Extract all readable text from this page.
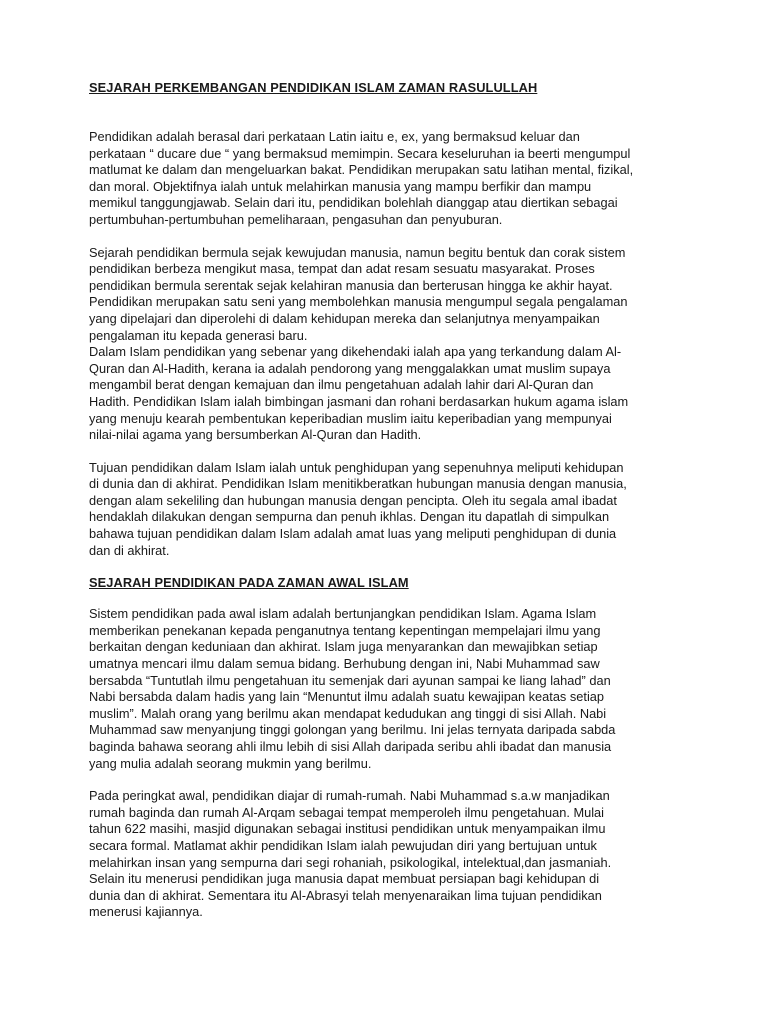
SEJARAH PERKEMBANGAN PENDIDIKAN ISLAM ZAMAN RASULULLAH

Pendidikan adalah berasal dari perkataan Latin iaitu e, ex, yang bermaksud keluar dan
perkataan “ ducare due “ yang bermaksud memimpin. Secara keseluruhan ia beerti mengumpul
matlumat ke dalam dan mengeluarkan bakat. Pendidikan merupakan satu latihan mental, fizikal,
dan moral. Objektifnya ialah untuk melahirkan manusia yang mampu berfikir dan mampu
memikul tanggungjawab. Selain dari itu, pendidikan bolehlah dianggap atau diertikan sebagai
pertumbuhan-pertumbuhan pemeliharaan, pengasuhan dan penyuburan.

Sejarah pendidikan bermula sejak kewujudan manusia, namun begitu bentuk dan corak sistem
pendidikan berbeza mengikut masa, tempat dan adat resam sesuatu masyarakat. Proses
pendidikan bermula serentak sejak kelahiran manusia dan berterusan hingga ke akhir hayat.
Pendidikan merupakan satu seni yang membolehkan manusia mengumpul segala pengalaman
yang dipelajari dan diperolehi di dalam kehidupan mereka dan selanjutnya menyampaikan
pengalaman itu kepada generasi baru.

Dalam Islam pendidikan yang sebenar yang dikehendaki ialah apa yang terkandung dalam Al-
Quran dan Al-Hadith, kerana ia adalah pendorong yang menggalakkan umat muslim supaya
mengambil berat dengan kemajuan dan ilmu pengetahuan adalah lahir dari Al-Quran dan
Hadith. Pendidikan Islam ialah bimbingan jasmani dan rohani berdasarkan hukum agama islam
yang menuju kearah pembentukan keperibadian muslim iaitu keperibadian yang mempunyai
nilai-nilai agama yang bersumberkan Al-Quran dan Hadith.

Tujuan pendidikan dalam Islam ialah untuk penghidupan yang sepenuhnya meliputi kehidupan
di dunia dan di akhirat. Pendidikan Islam menitikberatkan hubungan manusia dengan manusia,
dengan alam sekeliling dan hubungan manusia dengan pencipta. Oleh itu segala amal ibadat
hendaklah dilakukan dengan sempurna dan penuh ikhlas. Dengan itu dapatlah di simpulkan
bahawa tujuan pendidikan dalam Islam adalah amat luas yang meliputi penghidupan di dunia
dan di akhirat.

SEJARAH PENDIDIKAN PADA ZAMAN AWAL ISLAM

Sistem pendidikan pada awal islam adalah bertunjangkan pendidikan Islam. Agama Islam
memberikan penekanan kepada penganutnya tentang kepentingan mempelajari ilmu yang
berkaitan dengan keduniaan dan akhirat. Islam juga menyarankan dan mewajibkan setiap
umatnya mencari ilmu dalam semua bidang. Berhubung dengan ini, Nabi Muhammad saw
bersabda “Tuntutlah ilmu pengetahuan itu semenjak dari ayunan sampai ke liang lahad” dan
Nabi bersabda dalam hadis yang lain “Menuntut ilmu adalah suatu kewajipan keatas setiap
muslim”. Malah orang yang berilmu akan mendapat kedudukan ang tinggi di sisi Allah. Nabi
Muhammad saw menyanjung tinggi golongan yang berilmu. Ini jelas ternyata daripada sabda
baginda bahawa seorang ahli ilmu lebih di sisi Allah daripada seribu ahli ibadat dan manusia
yang mulia adalah seorang mukmin yang berilmu.

Pada peringkat awal, pendidikan diajar di rumah-rumah. Nabi Muhammad s.a.w manjadikan
rumah baginda dan rumah Al-Arqam sebagai tempat memperoleh ilmu pengetahuan. Mulai
tahun 622 masihi, masjid digunakan sebagai institusi pendidikan untuk menyampaikan ilmu
secara formal. Matlamat akhir pendidikan Islam ialah pewujudan diri yang bertujuan untuk
melahirkan insan yang sempurna dari segi rohaniah, psikologikal, intelektual,dan jasmaniah.
Selain itu menerusi pendidikan juga manusia dapat membuat persiapan bagi kehidupan di
dunia dan di akhirat. Sementara itu Al-Abrasyi telah menyenaraikan lima tujuan pendidikan
menerusi kajiannya.
